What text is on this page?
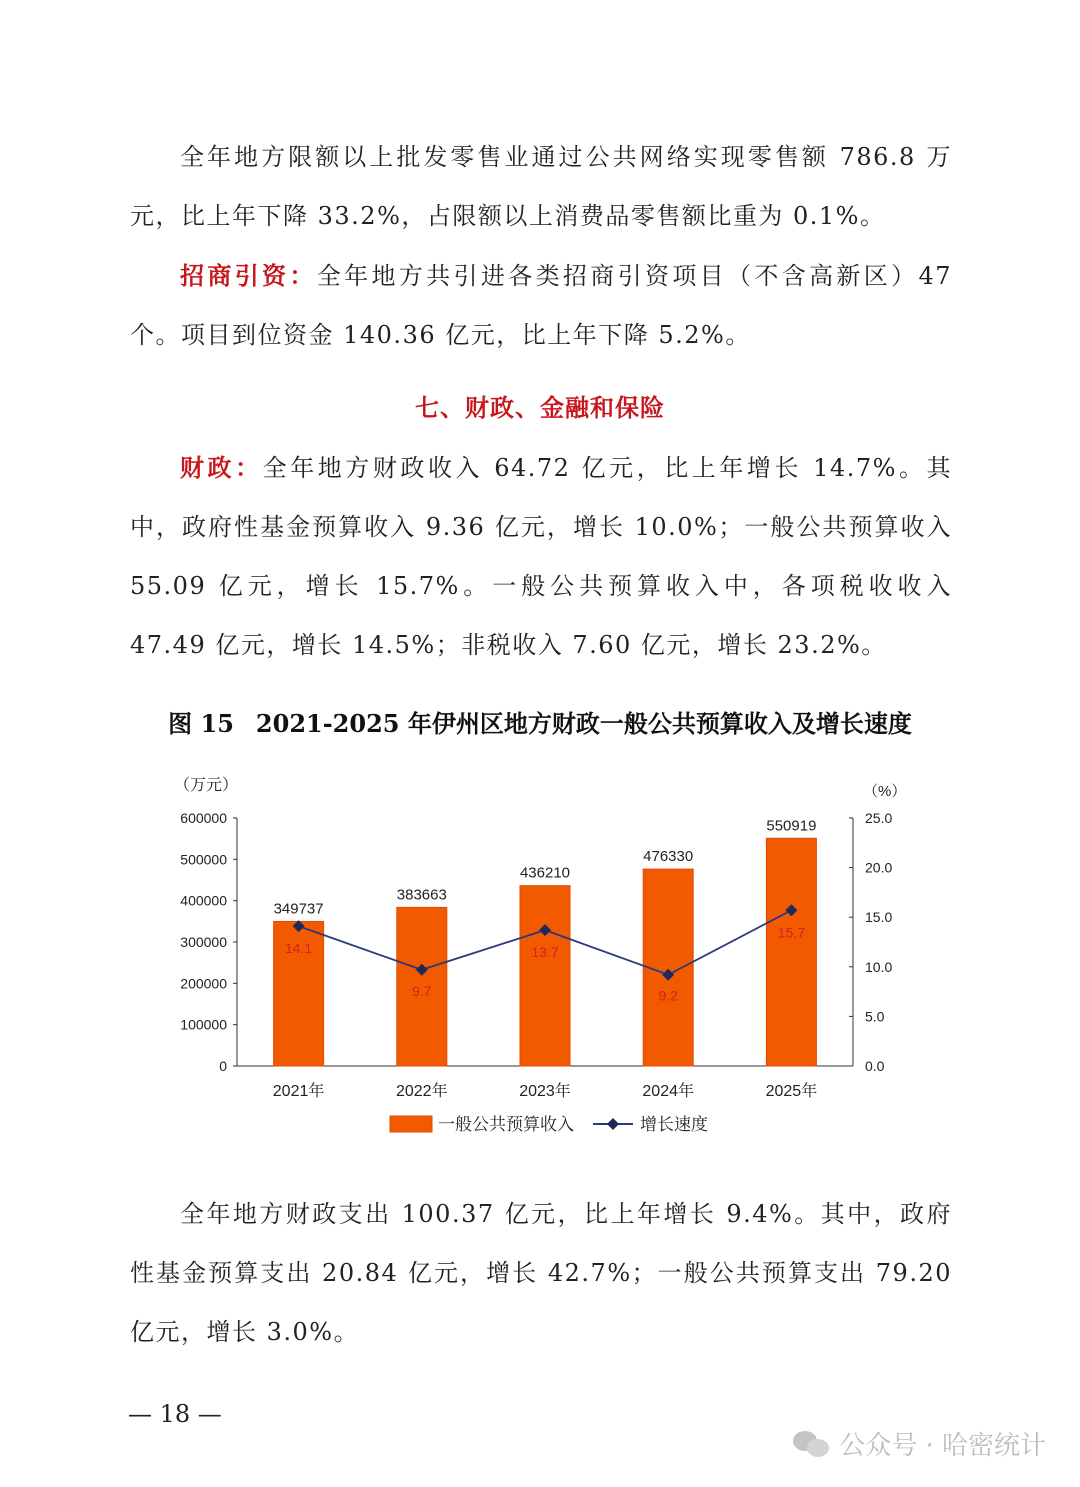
全年地方限额以上批发零售业通过公共网络实现零售额 786.8 万元，比上年下降 33.2%，占限额以上消费品零售额比重为 0.1%。

招商引资：全年地方共引进各类招商引资项目（不含高新区）47 个。项目到位资金 140.36 亿元，比上年下降 5.2%。

七、财政、金融和保险

财政：全年地方财政收入 64.72 亿元，比上年增长 14.7%。其中，政府性基金预算收入 9.36 亿元，增长 10.0%；一般公共预算收入 55.09 亿元，增长 15.7%。一般公共预算收入中，各项税收收入 47.49 亿元，增长 14.5%；非税收入 7.60 亿元，增长 23.2%。

图 15 2021-2025 年伊州区地方财政一般公共预算收入及增长速度

0
100000
200000
300000
400000
500000
600000
0.0
5.0
10.0
15.0
20.0
25.0
（万元）	（%）
349737
383663
436210
476330
550919
2021年	2022年	2023年	2024年	2025年
14.1
9.7
13.7
9.2
15.7
一般公共预算收入	增长速度

全年地方财政支出 100.37 亿元，比上年增长 9.4%。其中，政府性基金预算支出 20.84 亿元，增长 42.7%；一般公共预算支出 79.20 亿元，增长 3.0%。

— 18 —

公众号 · 哈密统计
